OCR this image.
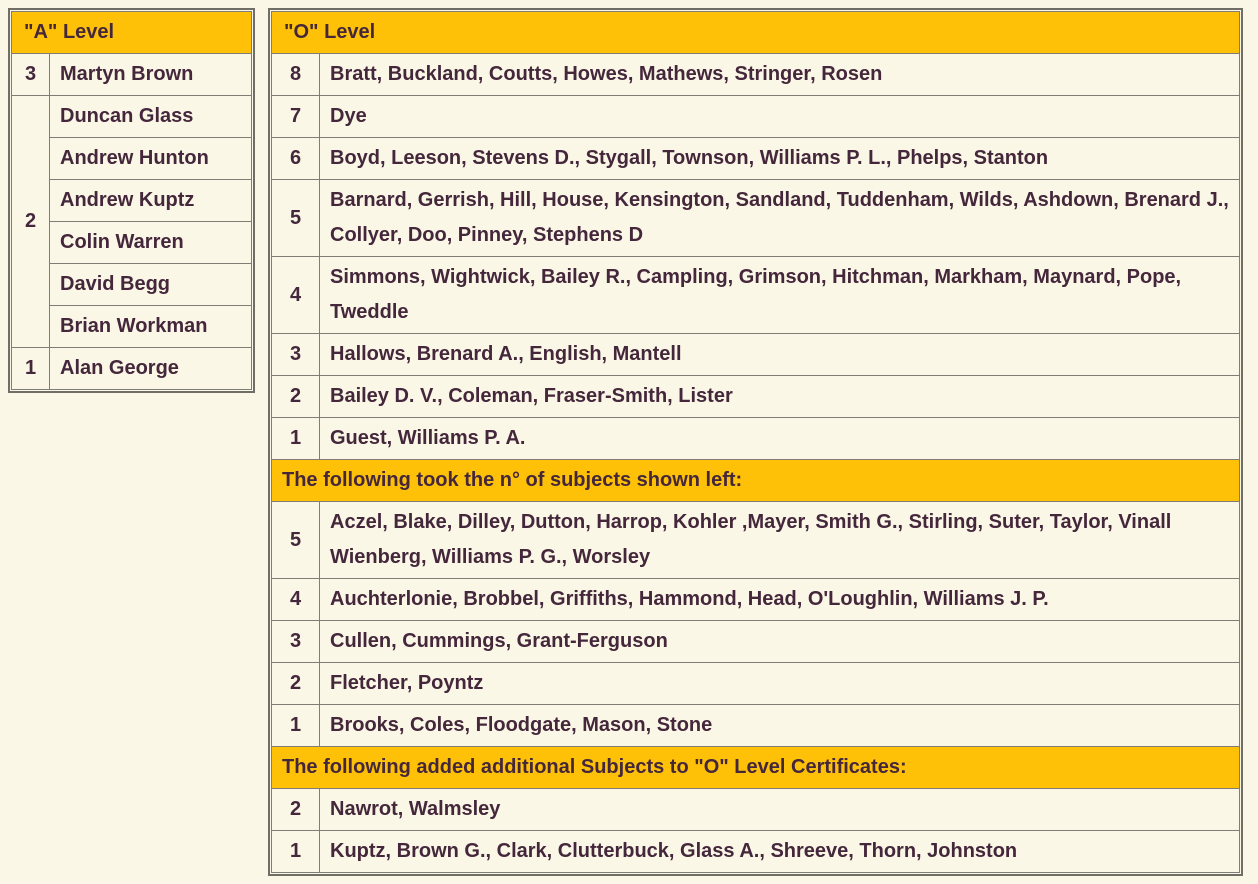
"A" Level	
3	Martyn Brown
2	Duncan Glass
	Andrew Hunton
	Andrew Kuptz
	Colin Warren
	David Begg
	Brian Workman
1	Alan George
"O" Level	
8	Bratt, Buckland, Coutts, Howes, Mathews, Stringer, Rosen
7	Dye
6	Boyd, Leeson, Stevens D., Stygall, Townson, Williams P. L., Phelps, Stanton
5	Barnard, Gerrish, Hill, House, Kensington, Sandland, Tuddenham, Wilds, Ashdown, Brenard J., Collyer, Doo, Pinney, Stephens D
4	Simmons, Wightwick, Bailey R., Campling, Grimson, Hitchman, Markham, Maynard, Pope, Tweddle
3	Hallows, Brenard A., English, Mantell
2	Bailey D. V., Coleman, Fraser-Smith, Lister
1	Guest, Williams P. A.
The following took the n° of subjects shown left:	
5	Aczel, Blake, Dilley, Dutton, Harrop, Kohler ,Mayer, Smith G., Stirling, Suter, Taylor, Vinall Wienberg, Williams P. G., Worsley
4	Auchterlonie, Brobbel, Griffiths, Hammond, Head, O'Loughlin, Williams J. P.
3	Cullen, Cummings, Grant-Ferguson
2	Fletcher, Poyntz
1	Brooks, Coles, Floodgate, Mason, Stone
The following added additional Subjects to "O" Level Certificates:	
2	Nawrot, Walmsley
1	Kuptz, Brown G., Clark, Clutterbuck, Glass A., Shreeve, Thorn, Johnston
